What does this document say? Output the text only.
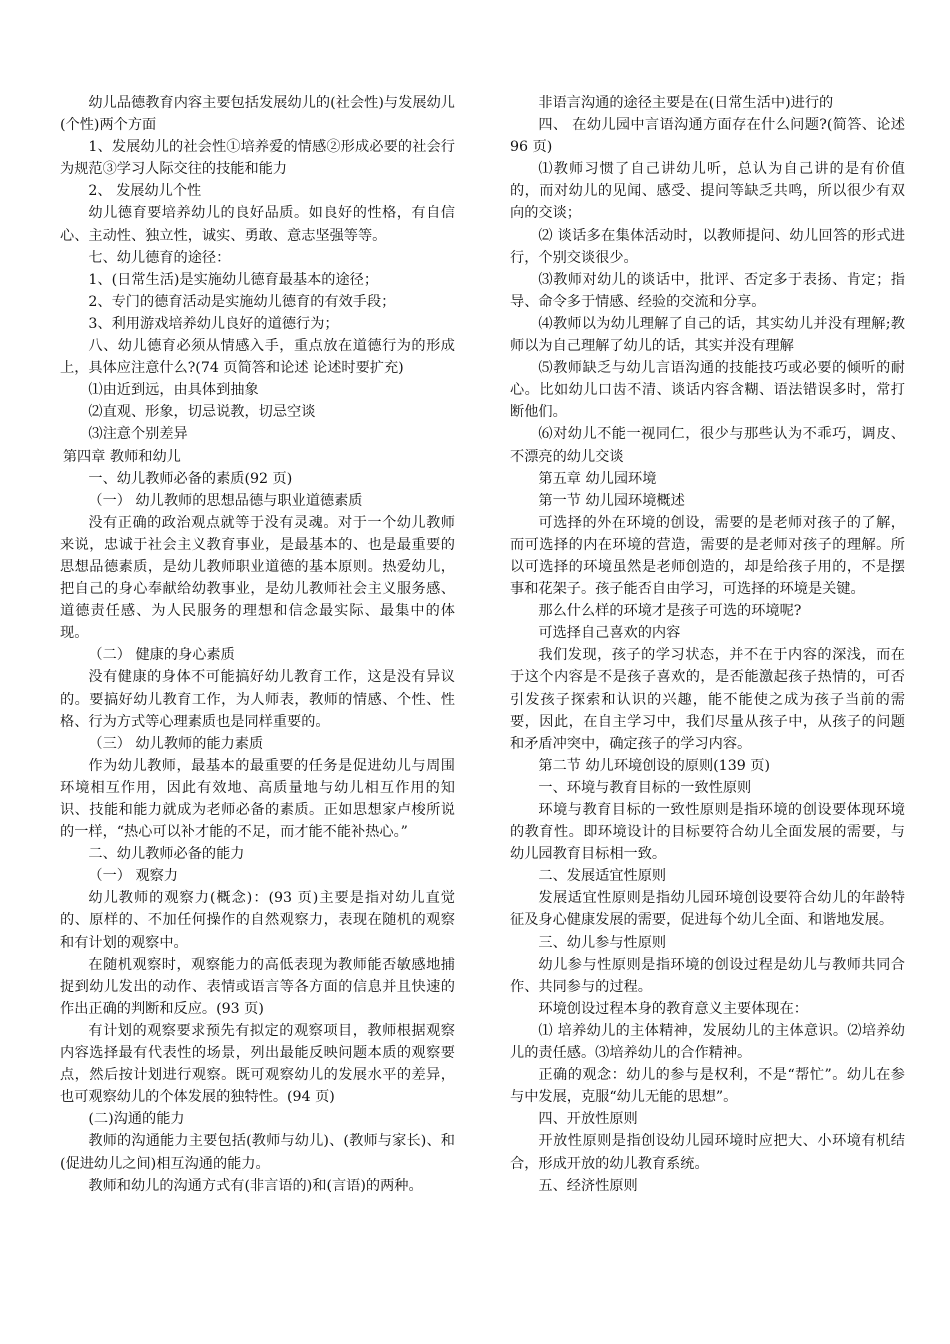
幼儿品德教育内容主要包括发展幼儿的(社会性)与发展幼儿(个性)两个方面

1、发展幼儿的社会性①培养爱的情感②形成必要的社会行为规范③学习人际交往的技能和能力

2、 发展幼儿个性

幼儿德育要培养幼儿的良好品质。如良好的性格，有自信心、主动性、独立性，诚实、勇敢、意志坚强等等。

七、幼儿德育的途径：

1、(日常生活)是实施幼儿德育最基本的途径；

2、专门的德育活动是实施幼儿德育的有效手段；

3、利用游戏培养幼儿良好的道德行为；

八、幼儿德育必须从情感入手，重点放在道德行为的形成上，具体应注意什么?(74 页简答和论述 论述时要扩充)

⑴由近到远，由具体到抽象

⑵直观、形象，切忌说教，切忌空谈

⑶注意个别差异

第四章 教师和幼儿

一、幼儿教师必备的素质(92 页)

（一） 幼儿教师的思想品德与职业道德素质

没有正确的政治观点就等于没有灵魂。对于一个幼儿教师来说，忠诚于社会主义教育事业，是最基本的、也是最重要的思想品德素质，是幼儿教师职业道德的基本原则。热爱幼儿，把自己的身心奉献给幼教事业，是幼儿教师社会主义服务感、道德责任感、为人民服务的理想和信念最实际、最集中的体现。

（二） 健康的身心素质

没有健康的身体不可能搞好幼儿教育工作，这是没有异议的。要搞好幼儿教育工作，为人师表，教师的情感、个性、性格、行为方式等心理素质也是同样重要的。

（三） 幼儿教师的能力素质

作为幼儿教师，最基本的最重要的任务是促进幼儿与周围环境相互作用，因此有效地、高质量地与幼儿相互作用的知识、技能和能力就成为老师必备的素质。正如思想家卢梭所说的一样，“热心可以补才能的不足，而才能不能补热心。”

二、幼儿教师必备的能力

（一） 观察力

幼儿教师的观察力(概念)：(93 页)主要是指对幼儿直觉的、原样的、不加任何操作的自然观察力，表现在随机的观察和有计划的观察中。

在随机观察时，观察能力的高低表现为教师能否敏感地捕捉到幼儿发出的动作、表情或语言等各方面的信息并且快速的作出正确的判断和反应。(93 页)

有计划的观察要求预先有拟定的观察项目，教师根据观察内容选择最有代表性的场景，列出最能反映问题本质的观察要点，然后按计划进行观察。既可观察幼儿的发展水平的差异，也可观察幼儿的个体发展的独特性。(94 页)

(二)沟通的能力

教师的沟通能力主要包括(教师与幼儿)、(教师与家长)、和(促进幼儿之间)相互沟通的能力。

教师和幼儿的沟通方式有(非言语的)和(言语)的两种。

非语言沟通的途径主要是在(日常生活中)进行的

四、 在幼儿园中言语沟通方面存在什么问题?(简答、论述 96 页)

⑴教师习惯了自己讲幼儿听，总认为自己讲的是有价值的，而对幼儿的见闻、感受、提问等缺乏共鸣，所以很少有双向的交谈；

⑵ 谈话多在集体活动时，以教师提问、幼儿回答的形式进行，个别交谈很少。

⑶教师对幼儿的谈话中，批评、否定多于表扬、肯定；指导、命令多于情感、经验的交流和分享。

⑷教师以为幼儿理解了自己的话，其实幼儿并没有理解;教师以为自己理解了幼儿的话，其实并没有理解

⑸教师缺乏与幼儿言语沟通的技能技巧或必要的倾听的耐心。比如幼儿口齿不清、谈话内容含糊、语法错误多时，常打断他们。

⑹对幼儿不能一视同仁，很少与那些认为不乖巧，调皮、不漂亮的幼儿交谈

第五章 幼儿园环境

第一节 幼儿园环境概述

可选择的外在环境的创设，需要的是老师对孩子的了解，而可选择的内在环境的营造，需要的是老师对孩子的理解。所以可选择的环境虽然是老师创造的，却是给孩子用的，不是摆事和花架子。孩子能否自由学习，可选择的环境是关键。

那么什么样的环境才是孩子可选的环境呢?

可选择自己喜欢的内容

我们发现，孩子的学习状态，并不在于内容的深浅，而在于这个内容是不是孩子喜欢的，是否能激起孩子热情的，可否引发孩子探索和认识的兴趣，能不能使之成为孩子当前的需要，因此，在自主学习中，我们尽量从孩子中，从孩子的问题和矛盾冲突中，确定孩子的学习内容。

第二节 幼儿环境创设的原则(139 页)

一、环境与教育目标的一致性原则

环境与教育目标的一致性原则是指环境的创设要体现环境的教育性。即环境设计的目标要符合幼儿全面发展的需要，与幼儿园教育目标相一致。

二、发展适宜性原则

发展适宜性原则是指幼儿园环境创设要符合幼儿的年龄特征及身心健康发展的需要，促进每个幼儿全面、和谐地发展。

三、幼儿参与性原则

幼儿参与性原则是指环境的创设过程是幼儿与教师共同合作、共同参与的过程。

环境创设过程本身的教育意义主要体现在：

⑴ 培养幼儿的主体精神，发展幼儿的主体意识。⑵培养幼儿的责任感。⑶培养幼儿的合作精神。

正确的观念：幼儿的参与是权利，不是“帮忙”。幼儿在参与中发展，克服“幼儿无能的思想”。

四、开放性原则

开放性原则是指创设幼儿园环境时应把大、小环境有机结合，形成开放的幼儿教育系统。

五、经济性原则
